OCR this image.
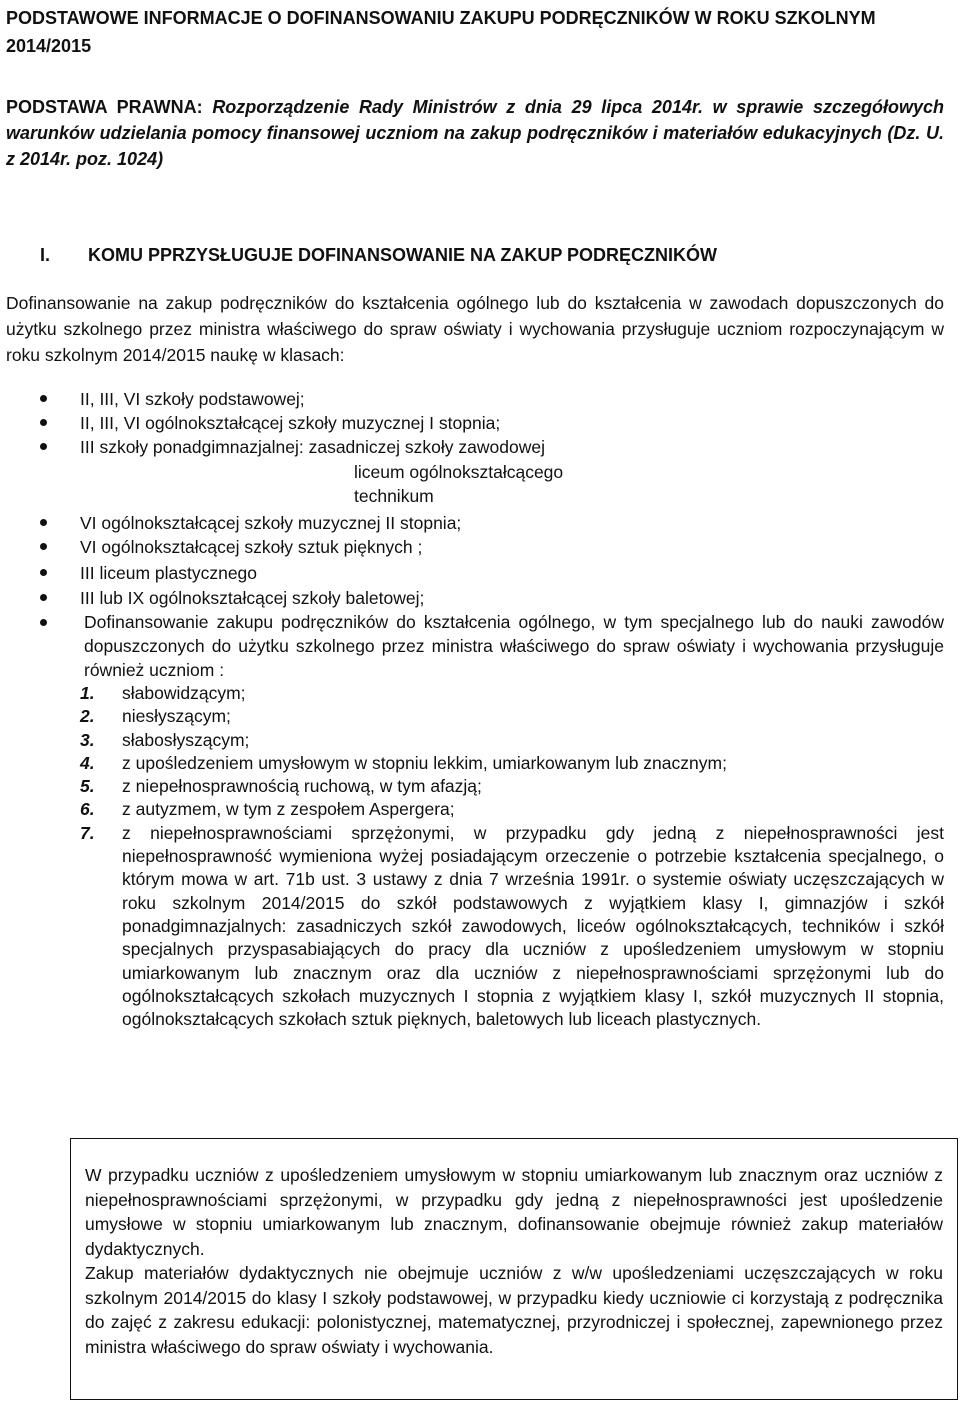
PODSTAWOWE INFORMACJE O DOFINANSOWANIU ZAKUPU PODRĘCZNIKÓW W ROKU SZKOLNYM 2014/2015

PODSTAWA PRAWNA: Rozporządzenie Rady Ministrów z dnia 29 lipca 2014r. w sprawie szczegółowych warunków udzielania pomocy finansowej uczniom na zakup podręczników i materiałów edukacyjnych (Dz. U. z 2014r. poz. 1024)

I. KOMU PPRZYSŁUGUJE DOFINANSOWANIE NA ZAKUP PODRĘCZNIKÓW

Dofinansowanie na zakup podręczników do kształcenia ogólnego lub do kształcenia w zawodach dopuszczonych do użytku szkolnego przez ministra właściwego do spraw oświaty i wychowania przysługuje uczniom rozpoczynającym w roku szkolnym 2014/2015 naukę w klasach:

II, III, VI szkoły podstawowej;
II, III, VI ogólnokształcącej szkoły muzycznej I stopnia;
III szkoły ponadgimnazjalnej: zasadniczej szkoły zawodowej
liceum ogólnokształcącego
technikum
VI ogólnokształcącej szkoły muzycznej II stopnia;
VI ogólnokształcącej szkoły sztuk pięknych ;
III liceum plastycznego
III lub IX ogólnokształcącej szkoły baletowej;
Dofinansowanie zakupu podręczników do kształcenia ogólnego, w tym specjalnego lub do nauki zawodów dopuszczonych do użytku szkolnego przez ministra właściwego do spraw oświaty i wychowania przysługuje również uczniom :

1. słabowidzącym;

2. niesłyszącym;

3. słabosłyszącym;

4. z upośledzeniem umysłowym w stopniu lekkim, umiarkowanym lub znacznym;

5. z niepełnosprawnością ruchową, w tym afazją;

6. z autyzmem, w tym z zespołem Aspergera;

7. z niepełnosprawnościami sprzężonymi, w przypadku gdy jedną z niepełnosprawności jest niepełnosprawność wymieniona wyżej posiadającym orzeczenie o potrzebie kształcenia specjalnego, o którym mowa w art. 71b ust. 3 ustawy z dnia 7 września 1991r. o systemie oświaty uczęszczających w roku szkolnym 2014/2015 do szkół podstawowych z wyjątkiem klasy I, gimnazjów i szkół ponadgimnazjalnych: zasadniczych szkół zawodowych, liceów ogólnokształcących, techników i szkół specjalnych przyspasabiających do pracy dla uczniów z upośledzeniem umysłowym w stopniu umiarkowanym lub znacznym oraz dla uczniów z niepełnosprawnościami sprzężonymi lub do ogólnokształcących szkołach muzycznych I stopnia z wyjątkiem klasy I, szkół muzycznych II stopnia, ogólnokształcących szkołach sztuk pięknych, baletowych lub liceach plastycznych.

W przypadku uczniów z upośledzeniem umysłowym w stopniu umiarkowanym lub znacznym oraz uczniów z niepełnosprawnościami sprzężonymi, w przypadku gdy jedną z niepełnosprawności jest upośledzenie umysłowe w stopniu umiarkowanym lub znacznym, dofinansowanie obejmuje również zakup materiałów dydaktycznych.

Zakup materiałów dydaktycznych nie obejmuje uczniów z w/w upośledzeniami uczęszczających w roku szkolnym 2014/2015 do klasy I szkoły podstawowej, w przypadku kiedy uczniowie ci korzystają z podręcznika do zajęć z zakresu edukacji: polonistycznej, matematycznej, przyrodniczej i społecznej, zapewnionego przez ministra właściwego do spraw oświaty i wychowania.
